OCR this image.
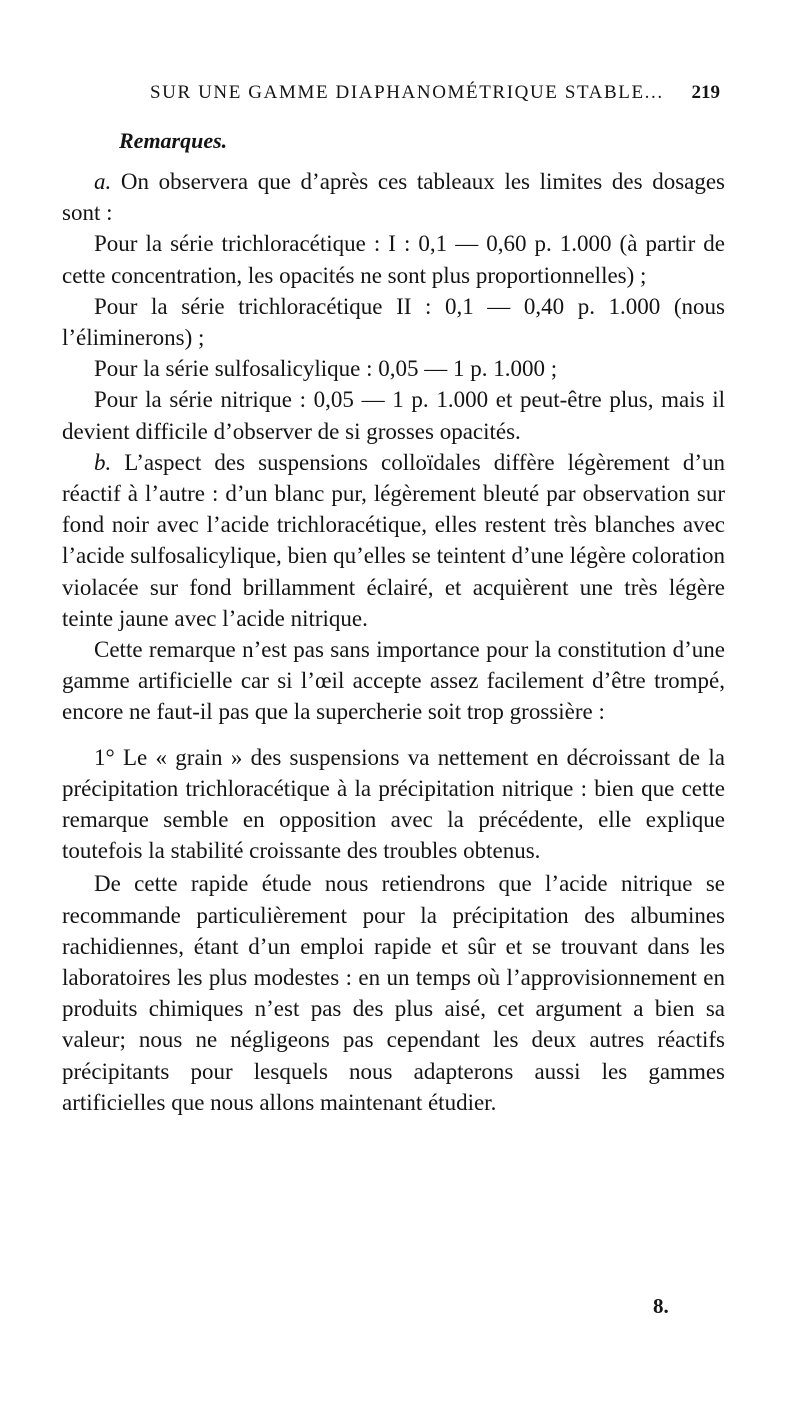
SUR UNE GAMME DIAPHANOMÉTRIQUE STABLE... 219
Remarques.

a. On observera que d’après ces tableaux les limites des dosages sont :

Pour la série trichloracétique : I : 0,1 — 0,60 p. 1.000 (à partir de cette concentration, les opacités ne sont plus proportionnelles) ;

Pour la série trichloracétique II : 0,1 — 0,40 p. 1.000 (nous l’éliminerons) ;

Pour la série sulfosalicylique : 0,05 — 1 p. 1.000 ;

Pour la série nitrique : 0,05 — 1 p. 1.000 et peut-être plus, mais il devient difficile d’observer de si grosses opacités.

b. L’aspect des suspensions colloïdales diffère légèrement d’un réactif à l’autre : d’un blanc pur, légèrement bleuté par observation sur fond noir avec l’acide trichloracétique, elles restent très blanches avec l’acide sulfosalicylique, bien qu’elles se teintent d’une légère coloration violacée sur fond brillamment éclairé, et acquièrent une très légère teinte jaune avec l’acide nitrique.

Cette remarque n’est pas sans importance pour la constitution d’une gamme artificielle car si l’œil accepte assez facilement d’être trompé, encore ne faut-il pas que la supercherie soit trop grossière :

1° Le « grain » des suspensions va nettement en décroissant de la précipitation trichloracétique à la précipitation nitrique : bien que cette remarque semble en opposition avec la précédente, elle explique toutefois la stabilité croissante des troubles obtenus.

De cette rapide étude nous retiendrons que l’acide nitrique se recommande particulièrement pour la précipitation des albumines rachidiennes, étant d’un emploi rapide et sûr et se trouvant dans les laboratoires les plus modestes : en un temps où l’approvisionnement en produits chimiques n’est pas des plus aisé, cet argument a bien sa valeur; nous ne négligeons pas cependant les deux autres réactifs précipitants pour lesquels nous adapterons aussi les gammes artificielles que nous allons maintenant étudier.

8.
